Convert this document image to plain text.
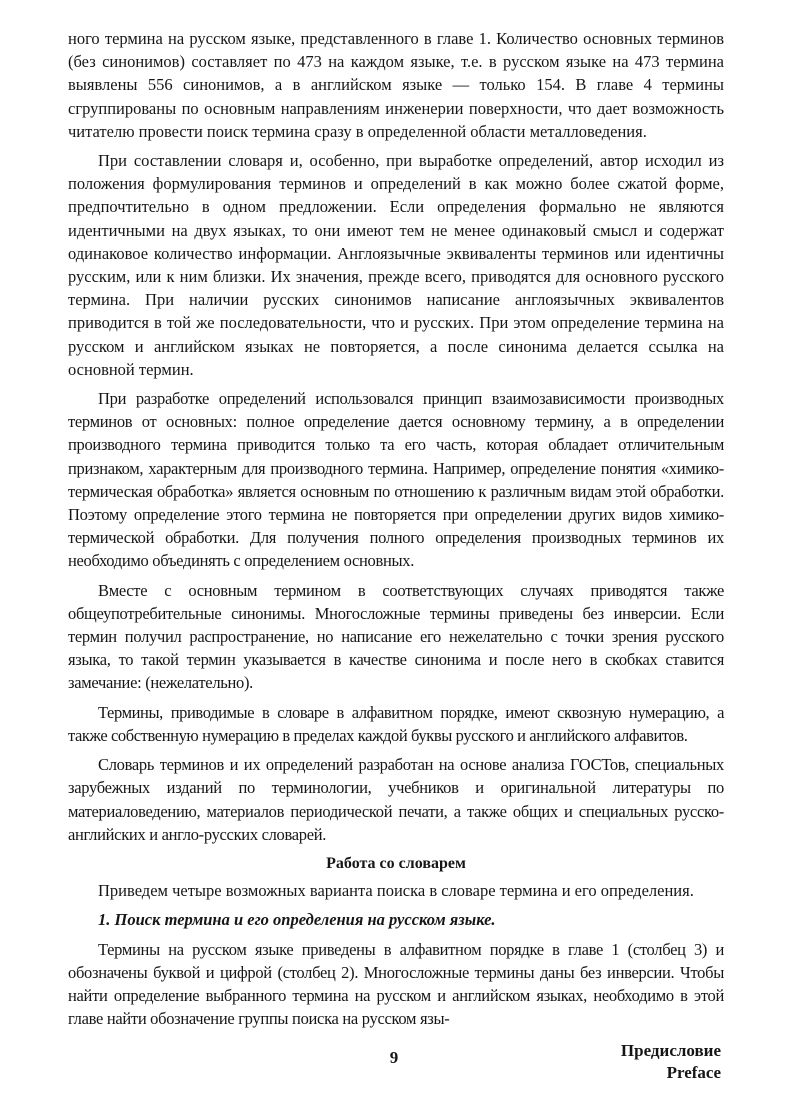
ного термина на русском языке, представленного в главе 1. Количество основных терминов (без синонимов) составляет по 473 на каждом языке, т.е. в русском языке на 473 термина выявлены 556 синонимов, а в английском языке — только 154. В главе 4 термины сгруппированы по основным направлениям инженерии поверхности, что дает возможность читателю провести поиск термина сразу в определенной области металловедения.

При составлении словаря и, особенно, при выработке определений, автор исходил из положения формулирования терминов и определений в как можно более сжатой форме, предпочтительно в одном предложении. Если определения формально не являются идентичными на двух языках, то они имеют тем не менее одинаковый смысл и содержат одинаковое количество информации. Англоязычные эквиваленты терминов или идентичны русским, или к ним близки. Их значения, прежде всего, приводятся для основного русского термина. При наличии русских синонимов написание англоязычных эквивалентов приводится в той же последовательности, что и русских. При этом определение термина на русском и английском языках не повторяется, а после синонима делается ссылка на основной термин.

При разработке определений использовался принцип взаимозависимости производных терминов от основных: полное определение дается основному термину, а в определении производного термина приводится только та его часть, которая обладает отличительным признаком, характерным для производного термина. Например, определение понятия «химико-термическая обработка» является основным по отношению к различным видам этой обработки. Поэтому определение этого термина не повторяется при определении других видов химико-термической обработки. Для получения полного определения производных терминов их необходимо объединять с определением основных.

Вместе с основным термином в соответствующих случаях приводятся также общеупотребительные синонимы. Многосложные термины приведены без инверсии. Если термин получил распространение, но написание его нежелательно с точки зрения русского языка, то такой термин указывается в качестве синонима и после него в скобках ставится замечание: (нежелательно).

Термины, приводимые в словаре в алфавитном порядке, имеют сквозную нумерацию, а также собственную нумерацию в пределах каждой буквы русского и английского алфавитов.

Словарь терминов и их определений разработан на основе анализа ГОСТов, специальных зарубежных изданий по терминологии, учебников и оригинальной литературы по материаловедению, материалов периодической печати, а также общих и специальных русско-английских и англо-русских словарей.

Работа со словарем

Приведем четыре возможных варианта поиска в словаре термина и его определения.

1. Поиск термина и его определения на русском языке.

Термины на русском языке приведены в алфавитном порядке в главе 1 (столбец 3) и обозначены буквой и цифрой (столбец 2). Многосложные термины даны без инверсии. Чтобы найти определение выбранного термина на русском и английском языках, необходимо в этой главе найти обозначение группы поиска на русском язы-

9	Предисловие
Preface
